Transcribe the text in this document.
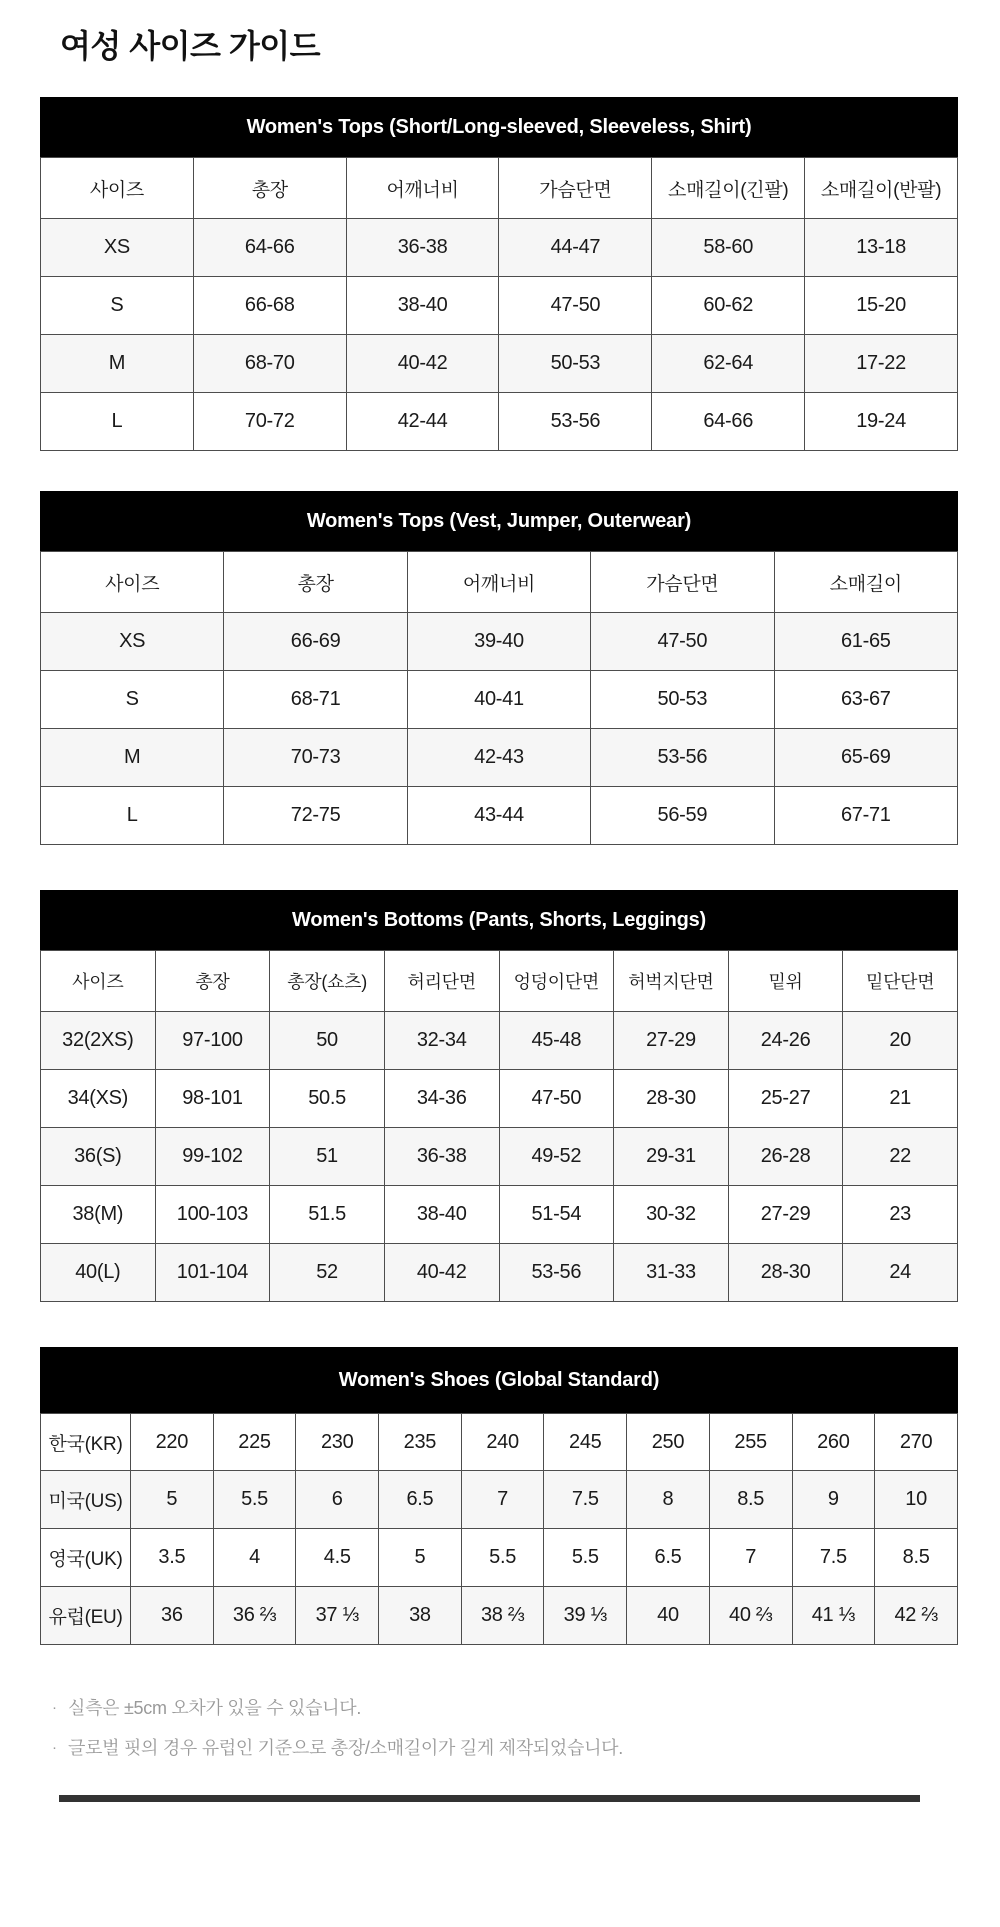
여성 사이즈 가이드
Women's Tops (Short/Long-sleeved, Sleeveless, Shirt)
사이즈	총장	어깨너비	가슴단면	소매길이(긴팔)	소매길이(반팔)
XS	64-66	36-38	44-47	58-60	13-18
S	66-68	38-40	47-50	60-62	15-20
M	68-70	40-42	50-53	62-64	17-22
L	70-72	42-44	53-56	64-66	19-24
Women's Tops (Vest, Jumper, Outerwear)
사이즈	총장	어깨너비	가슴단면	소매길이
XS	66-69	39-40	47-50	61-65
S	68-71	40-41	50-53	63-67
M	70-73	42-43	53-56	65-69
L	72-75	43-44	56-59	67-71
Women's Bottoms (Pants, Shorts, Leggings)
사이즈	총장	총장(쇼츠)	허리단면	엉덩이단면	허벅지단면	밑위	밑단단면
32(2XS)	97-100	50	32-34	45-48	27-29	24-26	20
34(XS)	98-101	50.5	34-36	47-50	28-30	25-27	21
36(S)	99-102	51	36-38	49-52	29-31	26-28	22
38(M)	100-103	51.5	38-40	51-54	30-32	27-29	23
40(L)	101-104	52	40-42	53-56	31-33	28-30	24
Women's Shoes (Global Standard)
한국(KR)	220	225	230	235	240	245	250	255	260	270
미국(US)	5	5.5	6	6.5	7	7.5	8	8.5	9	10
영국(UK)	3.5	4	4.5	5	5.5	5.5	6.5	7	7.5	8.5
유럽(EU)	36	36 ⅔	37 ⅓	38	38 ⅔	39 ⅓	40	40 ⅔	41 ⅓	42 ⅔
· 실측은 ±5cm 오차가 있을 수 있습니다.
· 글로벌 핏의 경우 유럽인 기준으로 총장/소매길이가 길게 제작되었습니다.
